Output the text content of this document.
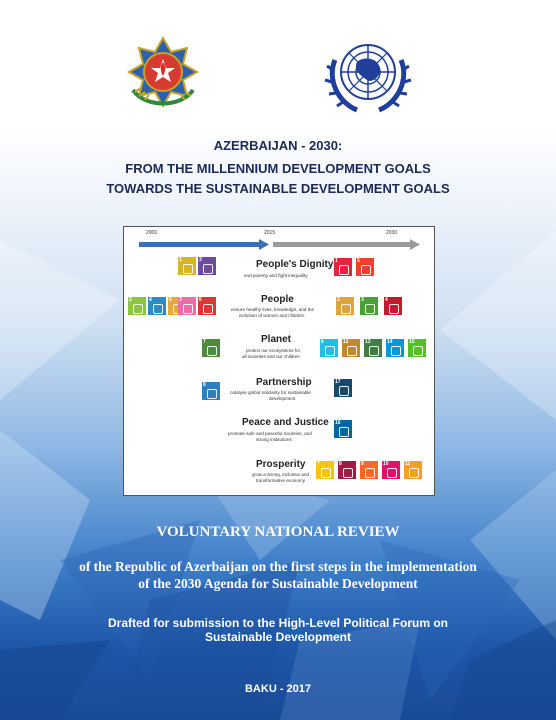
AZERBAIJAN - 2030:
FROM THE MILLENNIUM DEVELOPMENT GOALS
TOWARDS THE SUSTAINABLE DEVELOPMENT GOALS
2000	2015	2030
1	3	People's Dignity
end poverty and fight inequality
1	5
2	4	5 3	6	People
ensure healthy lives, knowledge, and the
inclusion of women and children
2	3	4
7	Planet
protect our ecosystems for
all societies and our children
6	12	13	14	15
8	Partnership
catalyse global solidarity for sustainable
development
17
Peace and Justice
promote safe and peaceful societies, and
strong institutions
16
Prosperity
grow a strong, inclusive and
transformative economy
7	8	9	10	11
VOLUNTARY NATIONAL REVIEW
of the Republic of Azerbaijan on the first steps in the implementation
of the 2030 Agenda for Sustainable Development
Drafted for submission to the High-Level Political Forum on
Sustainable Development
BAKU - 2017
